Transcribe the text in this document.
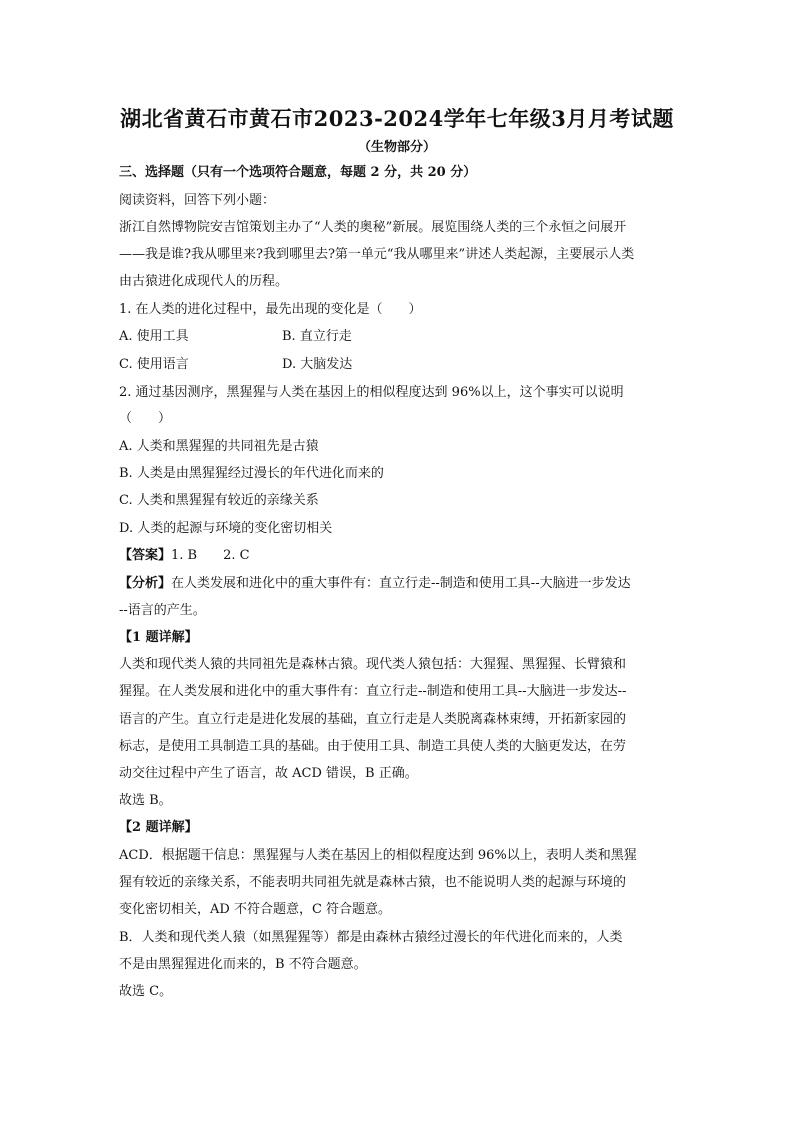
湖北省黄石市黄石市2023-2024学年七年级3月月考试题
（生物部分）
三、选择题（只有一个选项符合题意，每题 2 分，共 20 分）
阅读资料，回答下列小题：
浙江自然博物院安吉馆策划主办了“人类的奥秘”新展。展览围绕人类的三个永恒之问展开
——我是谁?我从哪里来?我到哪里去?第一单元“我从哪里来”讲述人类起源，主要展示人类
由古猿进化成现代人的历程。
1. 在人类的进化过程中，最先出现的变化是（　　）
A. 使用工具	B. 直立行走
C. 使用语言	D. 大脑发达
2. 通过基因测序，黑猩猩与人类在基因上的相似程度达到 96%以上，这个事实可以说明
（　　）
A. 人类和黑猩猩的共同祖先是古猿
B. 人类是由黑猩猩经过漫长的年代进化而来的
C. 人类和黑猩猩有较近的亲缘关系
D. 人类的起源与环境的变化密切相关
【答案】1. B　　2. C
【分析】在人类发展和进化中的重大事件有：直立行走--制造和使用工具--大脑进一步发达
--语言的产生。
【1 题详解】
人类和现代类人猿的共同祖先是森林古猿。现代类人猿包括：大猩猩、黑猩猩、长臂猿和
猩猩。在人类发展和进化中的重大事件有：直立行走--制造和使用工具--大脑进一步发达--
语言的产生。直立行走是进化发展的基础，直立行走是人类脱离森林束缚，开拓新家园的
标志，是使用工具制造工具的基础。由于使用工具、制造工具使人类的大脑更发达，在劳
动交往过程中产生了语言，故 ACD 错误，B 正确。
故选 B。
【2 题详解】
ACD．根据题干信息：黑猩猩与人类在基因上的相似程度达到 96%以上，表明人类和黑猩
猩有较近的亲缘关系，不能表明共同祖先就是森林古猿，也不能说明人类的起源与环境的
变化密切相关，AD 不符合题意，C 符合题意。
B．人类和现代类人猿（如黑猩猩等）都是由森林古猿经过漫长的年代进化而来的，人类
不是由黑猩猩进化而来的，B 不符合题意。
故选 C。
